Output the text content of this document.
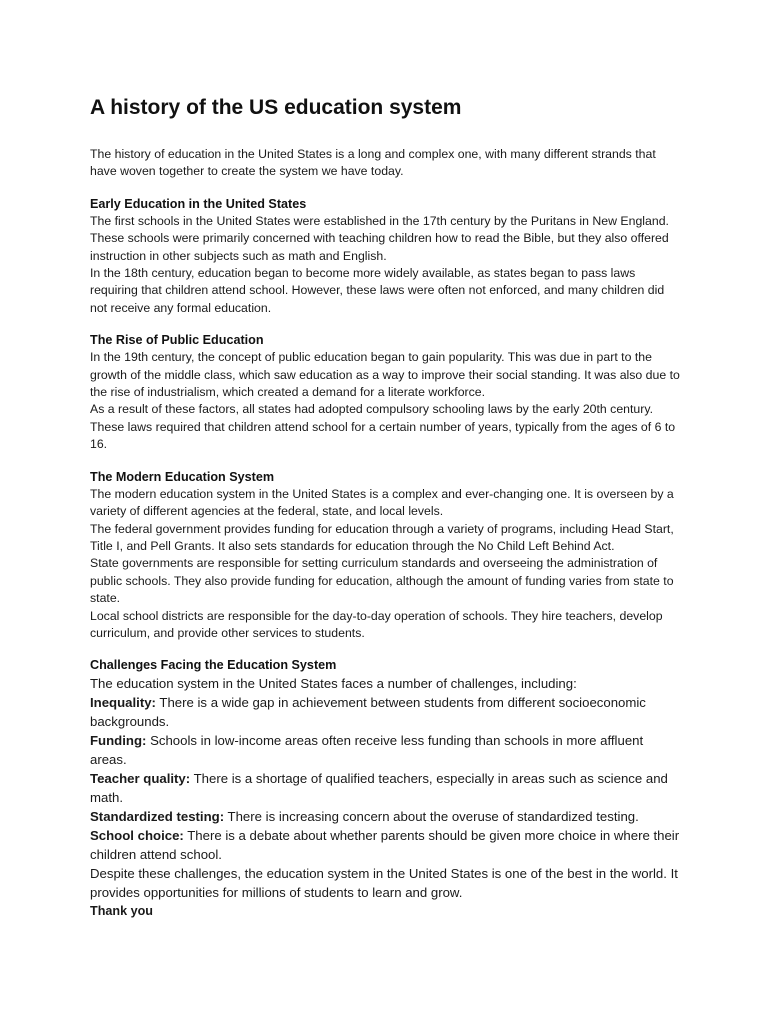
A history of the US education system

The history of education in the United States is a long and complex one, with many different strands that have woven together to create the system we have today.

Early Education in the United States

The first schools in the United States were established in the 17th century by the Puritans in New England. These schools were primarily concerned with teaching children how to read the Bible, but they also offered instruction in other subjects such as math and English.

In the 18th century, education began to become more widely available, as states began to pass laws requiring that children attend school. However, these laws were often not enforced, and many children did not receive any formal education.

The Rise of Public Education

In the 19th century, the concept of public education began to gain popularity. This was due in part to the growth of the middle class, which saw education as a way to improve their social standing. It was also due to the rise of industrialism, which created a demand for a literate workforce.

As a result of these factors, all states had adopted compulsory schooling laws by the early 20th century. These laws required that children attend school for a certain number of years, typically from the ages of 6 to 16.

The Modern Education System

The modern education system in the United States is a complex and ever-changing one. It is overseen by a variety of different agencies at the federal, state, and local levels.

The federal government provides funding for education through a variety of programs, including Head Start, Title I, and Pell Grants. It also sets standards for education through the No Child Left Behind Act.

State governments are responsible for setting curriculum standards and overseeing the administration of public schools. They also provide funding for education, although the amount of funding varies from state to state.

Local school districts are responsible for the day-to-day operation of schools. They hire teachers, develop curriculum, and provide other services to students.

Challenges Facing the Education System

The education system in the United States faces a number of challenges, including:

Inequality: There is a wide gap in achievement between students from different socioeconomic backgrounds.

Funding: Schools in low-income areas often receive less funding than schools in more affluent areas.

Teacher quality: There is a shortage of qualified teachers, especially in areas such as science and math.

Standardized testing: There is increasing concern about the overuse of standardized testing.

School choice: There is a debate about whether parents should be given more choice in where their children attend school.

Despite these challenges, the education system in the United States is one of the best in the world. It provides opportunities for millions of students to learn and grow.

Thank you
